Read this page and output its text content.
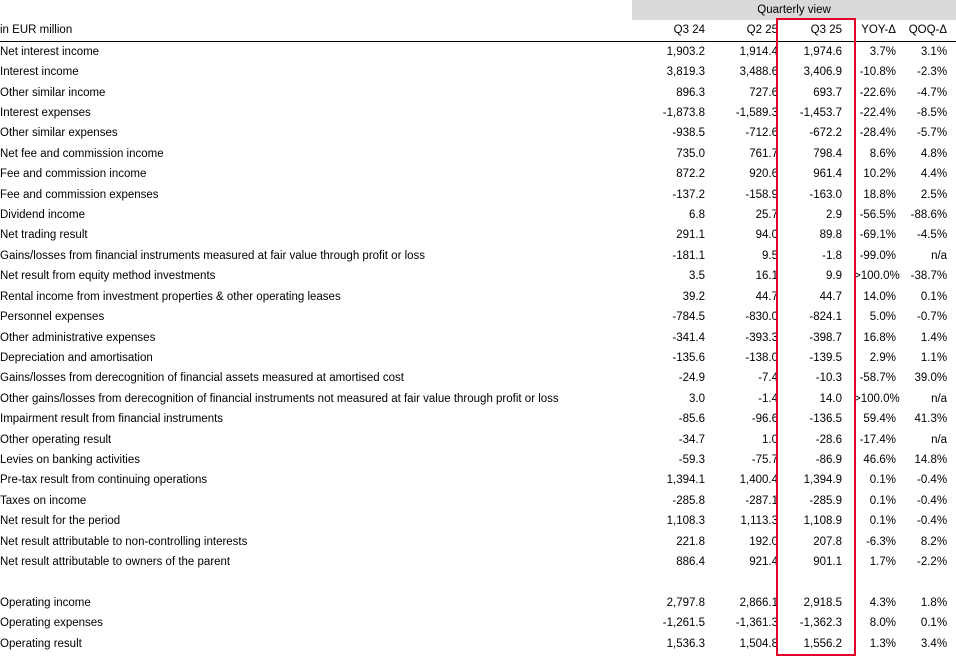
	Quarterly view				
in EUR million	Q3 24	Q2 25	Q3 25	YOY-Δ	QOQ-Δ
Net interest income	1,903.2	1,914.4	1,974.6	3.7%	3.1%
Interest income	3,819.3	3,488.6	3,406.9	-10.8%	-2.3%
Other similar income	896.3	727.6	693.7	-22.6%	-4.7%
Interest expenses	-1,873.8	-1,589.3	-1,453.7	-22.4%	-8.5%
Other similar expenses	-938.5	-712.6	-672.2	-28.4%	-5.7%
Net fee and commission income	735.0	761.7	798.4	8.6%	4.8%
Fee and commission income	872.2	920.6	961.4	10.2%	4.4%
Fee and commission expenses	-137.2	-158.9	-163.0	18.8%	2.5%
Dividend income	6.8	25.7	2.9	-56.5%	-88.6%
Net trading result	291.1	94.0	89.8	-69.1%	-4.5%
Gains/losses from financial instruments measured at fair value through profit or loss	-181.1	9.5	-1.8	-99.0%	n/a
Net result from equity method investments	3.5	16.1	9.9	>100.0%	-38.7%
Rental income from investment properties & other operating leases	39.2	44.7	44.7	14.0%	0.1%
Personnel expenses	-784.5	-830.0	-824.1	5.0%	-0.7%
Other administrative expenses	-341.4	-393.3	-398.7	16.8%	1.4%
Depreciation and amortisation	-135.6	-138.0	-139.5	2.9%	1.1%
Gains/losses from derecognition of financial assets measured at amortised cost	-24.9	-7.4	-10.3	-58.7%	39.0%
Other gains/losses from derecognition of financial instruments not measured at fair value through profit or loss	3.0	-1.4	14.0	>100.0%	n/a
Impairment result from financial instruments	-85.6	-96.6	-136.5	59.4%	41.3%
Other operating result	-34.7	1.0	-28.6	-17.4%	n/a
Levies on banking activities	-59.3	-75.7	-86.9	46.6%	14.8%
Pre-tax result from continuing operations	1,394.1	1,400.4	1,394.9	0.1%	-0.4%
Taxes on income	-285.8	-287.1	-285.9	0.1%	-0.4%
Net result for the period	1,108.3	1,113.3	1,108.9	0.1%	-0.4%
Net result attributable to non-controlling interests	221.8	192.0	207.8	-6.3%	8.2%
Net result attributable to owners of the parent	886.4	921.4	901.1	1.7%	-2.2%

Operating income	2,797.8	2,866.1	2,918.5	4.3%	1.8%
Operating expenses	-1,261.5	-1,361.3	-1,362.3	8.0%	0.1%
Operating result	1,536.3	1,504.8	1,556.2	1.3%	3.4%
